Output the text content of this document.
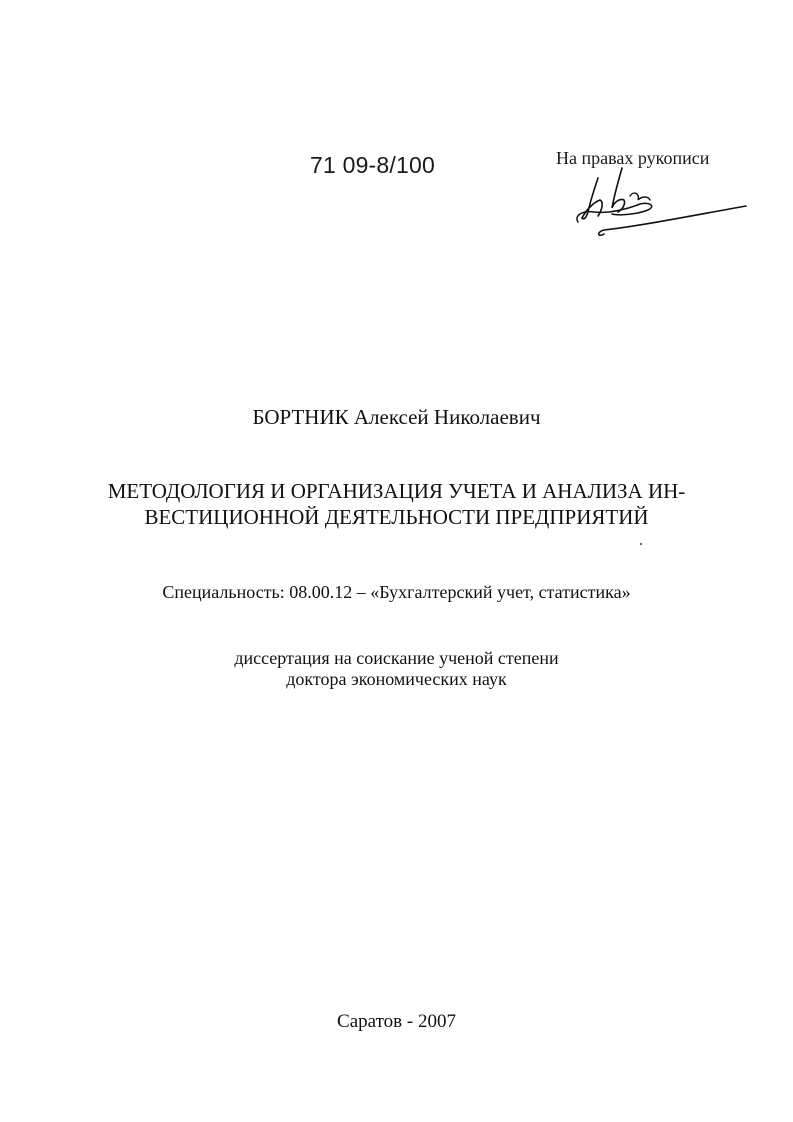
71 09-8/100	На правах рукописи
БОРТНИК Алексей Николаевич
МЕТОДОЛОГИЯ И ОРГАНИЗАЦИЯ УЧЕТА И АНАЛИЗА ИН-
ВЕСТИЦИОННОЙ ДЕЯТЕЛЬНОСТИ ПРЕДПРИЯТИЙ
Специальность: 08.00.12 – «Бухгалтерский учет, статистика»
диссертация на соискание ученой степени
доктора экономических наук
Саратов - 2007
